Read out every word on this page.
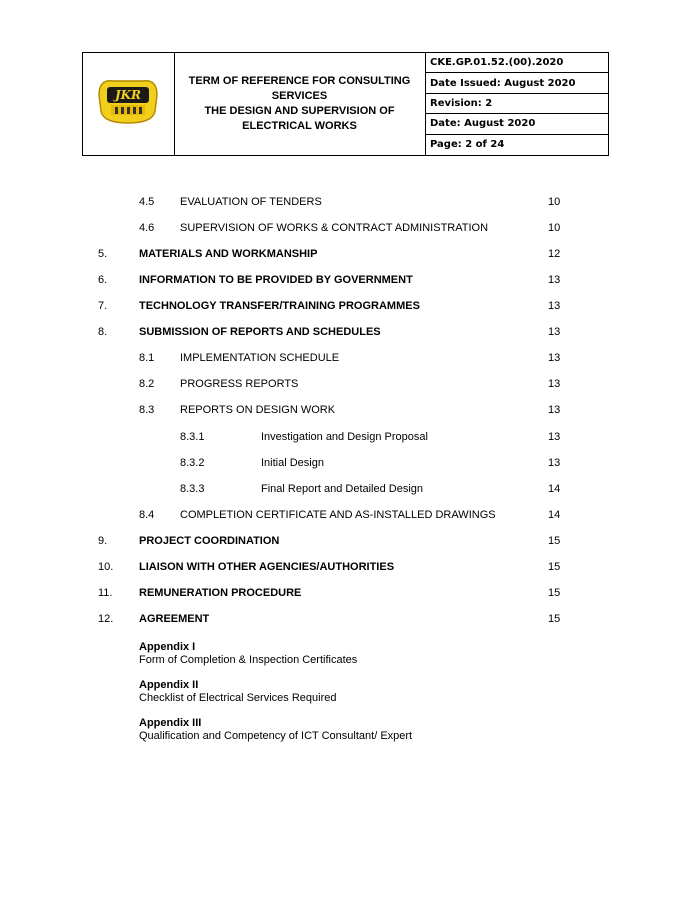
JKR
TERM OF REFERENCE FOR CONSULTING
SERVICES
THE DESIGN AND SUPERVISION OF
ELECTRICAL WORKS
CKE.GP.01.52.(00).2020
Date Issued: August 2020
Revision: 2
Date: August 2020
Page: 2 of 24
4.5 EVALUATION OF TENDERS	10
4.6 SUPERVISION OF WORKS & CONTRACT ADMINISTRATION	10
5.	MATERIALS AND WORKMANSHIP	12
6.	INFORMATION TO BE PROVIDED BY GOVERNMENT	13
7.	TECHNOLOGY TRANSFER/TRAINING PROGRAMMES	13
8.	SUBMISSION OF REPORTS AND SCHEDULES	13
8.1 IMPLEMENTATION SCHEDULE	13
8.2 PROGRESS REPORTS	13
8.3 REPORTS ON DESIGN WORK	13
8.3.1	Investigation and Design Proposal	13
8.3.2	Initial Design	13
8.3.3	Final Report and Detailed Design	14
8.4 COMPLETION CERTIFICATE AND AS-INSTALLED DRAWINGS	14
9.	PROJECT COORDINATION	15
10. LIAISON WITH OTHER AGENCIES/AUTHORITIES	15
11. REMUNERATION PROCEDURE	15
12. AGREEMENT	15
Appendix I
Form of Completion & Inspection Certificates
Appendix II
Checklist of Electrical Services Required
Appendix III
Qualification and Competency of ICT Consultant/ Expert
